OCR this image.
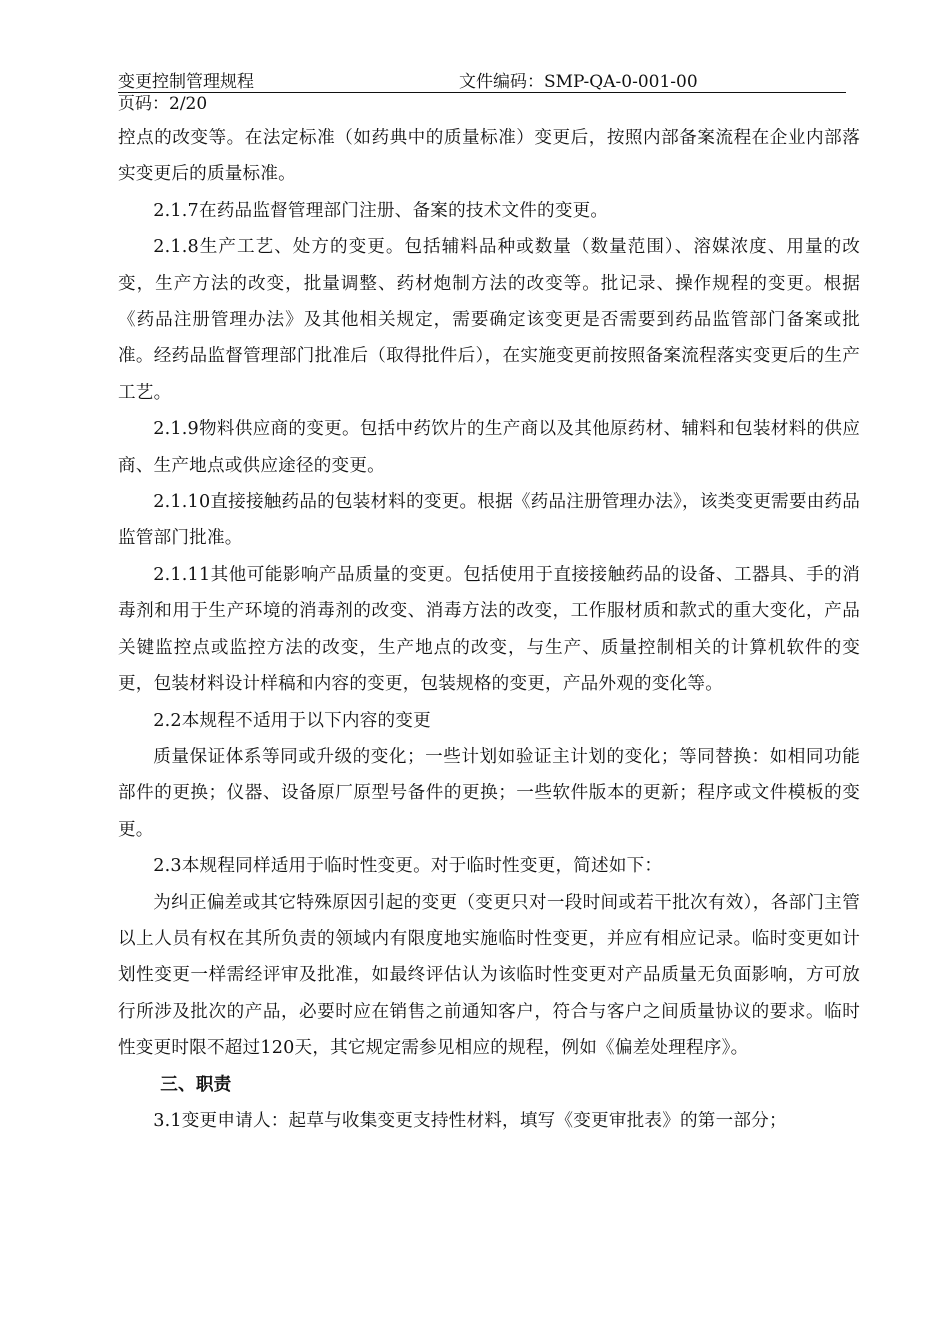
变更控制管理规程	文件编码：SMP-QA-0-001-00
页码：2/20

控点的改变等。在法定标准（如药典中的质量标准）变更后，按照内部备案流程在企业内部落实变更后的质量标准。

2.1.7在药品监督管理部门注册、备案的技术文件的变更。

2.1.8生产工艺、处方的变更。包括辅料品种或数量（数量范围）、溶媒浓度、用量的改变，生产方法的改变，批量调整、药材炮制方法的改变等。批记录、操作规程的变更。根据《药品注册管理办法》及其他相关规定，需要确定该变更是否需要到药品监管部门备案或批准。经药品监督管理部门批准后（取得批件后），在实施变更前按照备案流程落实变更后的生产工艺。

2.1.9物料供应商的变更。包括中药饮片的生产商以及其他原药材、辅料和包装材料的供应商、生产地点或供应途径的变更。

2.1.10直接接触药品的包装材料的变更。根据《药品注册管理办法》，该类变更需要由药品监管部门批准。

2.1.11其他可能影响产品质量的变更。包括使用于直接接触药品的设备、工器具、手的消毒剂和用于生产环境的消毒剂的改变、消毒方法的改变，工作服材质和款式的重大变化，产品关键监控点或监控方法的改变，生产地点的改变，与生产、质量控制相关的计算机软件的变更，包装材料设计样稿和内容的变更，包装规格的变更，产品外观的变化等。

2.2本规程不适用于以下内容的变更

质量保证体系等同或升级的变化；一些计划如验证主计划的变化；等同替换：如相同功能部件的更换；仪器、设备原厂原型号备件的更换；一些软件版本的更新；程序或文件模板的变更。

2.3本规程同样适用于临时性变更。对于临时性变更，简述如下：

为纠正偏差或其它特殊原因引起的变更（变更只对一段时间或若干批次有效），各部门主管以上人员有权在其所负责的领域内有限度地实施临时性变更，并应有相应记录。临时变更如计划性变更一样需经评审及批准，如最终评估认为该临时性变更对产品质量无负面影响，方可放行所涉及批次的产品，必要时应在销售之前通知客户，符合与客户之间质量协议的要求。临时性变更时限不超过120天，其它规定需参见相应的规程，例如《偏差处理程序》。

三、职责

3.1变更申请人：起草与收集变更支持性材料，填写《变更审批表》的第一部分；
